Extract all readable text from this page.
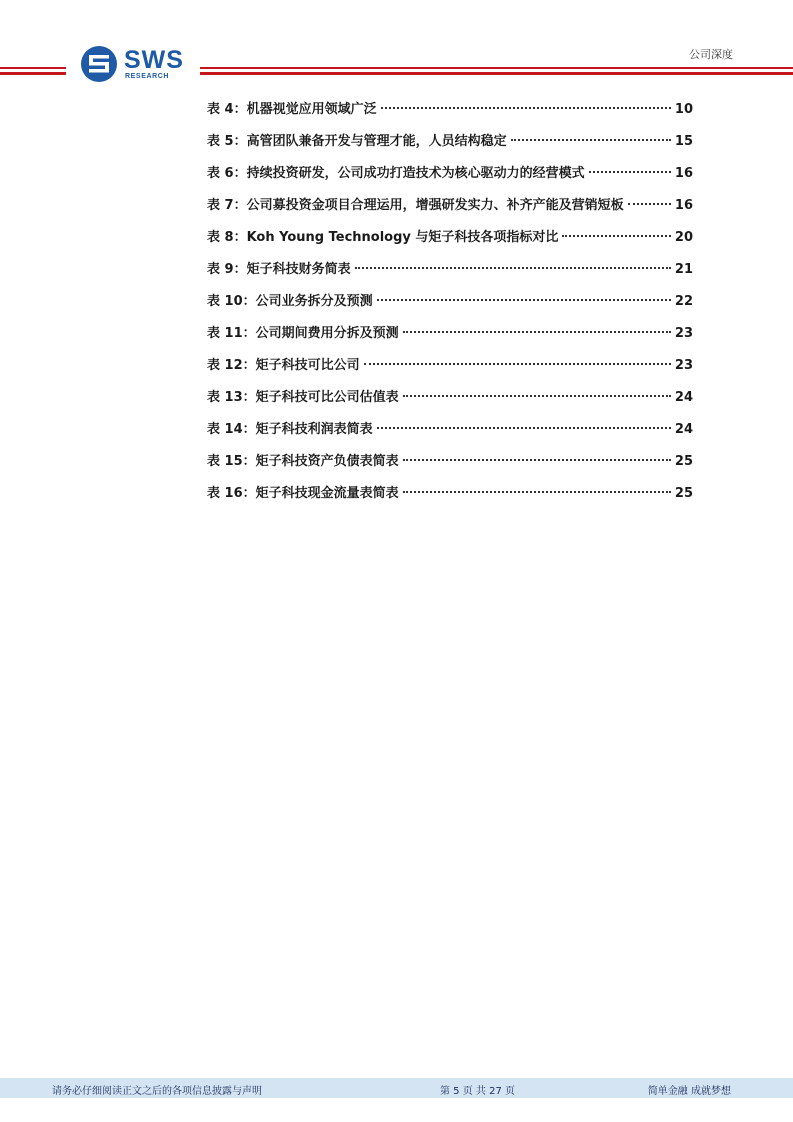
SWS
RESEARCH
公司深度
表 4：机器视觉应用领域广泛	10
表 5：高管团队兼备开发与管理才能，人员结构稳定	15
表 6：持续投资研发，公司成功打造技术为核心驱动力的经营模式	16
表 7：公司募投资金项目合理运用，增强研发实力、补齐产能及营销短板	16
表 8：Koh Young Technology 与矩子科技各项指标对比	20
表 9：矩子科技财务简表	21
表 10：公司业务拆分及预测	22
表 11：公司期间费用分拆及预测	23
表 12：矩子科技可比公司	23
表 13：矩子科技可比公司估值表	24
表 14：矩子科技利润表简表	24
表 15：矩子科技资产负债表简表	25
表 16：矩子科技现金流量表简表	25
请务必仔细阅读正文之后的各项信息披露与声明	第 5 页 共 27 页	简单金融 成就梦想
